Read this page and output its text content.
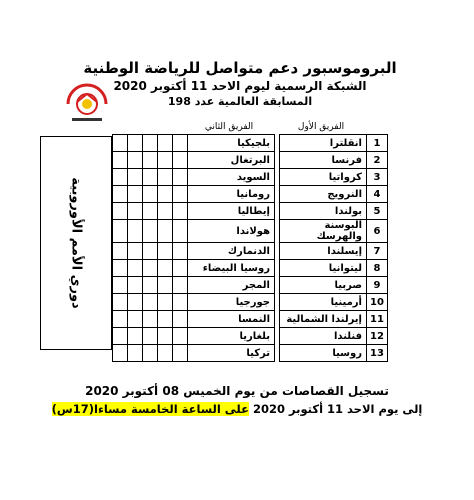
البروموسبور دعم متواصل للرياضة الوطنية
الشبكة الرسمية ليوم الاحد 11 أكتوبر 2020
المسابقة العالمية عدد 198
دوري الأمم الأوروبية
	الفريق الأول		الفريق الثاني					
1	انقلترا		بلجيكيا					
2	فرنسا		البرتغال					
3	كرواتيا		السويد					
4	النرويج		رومانيا					
5	بولندا		إيطاليا					
6	البوسنة والهرسك		هولاندا					
7	إيسلندا		الدنمارك					
8	ليتوانيا		روسيا البيضاء					
9	صربيا		المجر					
10	أرمينيا		جورجيا					
11	إيرلندا الشمالية		النمسا					
12	فنلندا		بلغاريا					
13	روسيا		تركيا					
تسجيل القصاصات من يوم الخميس 08 أكتوبر 2020
إلى يوم الاحد 11 أكتوبر 2020 على الساعة الخامسة مساءا(17س)
